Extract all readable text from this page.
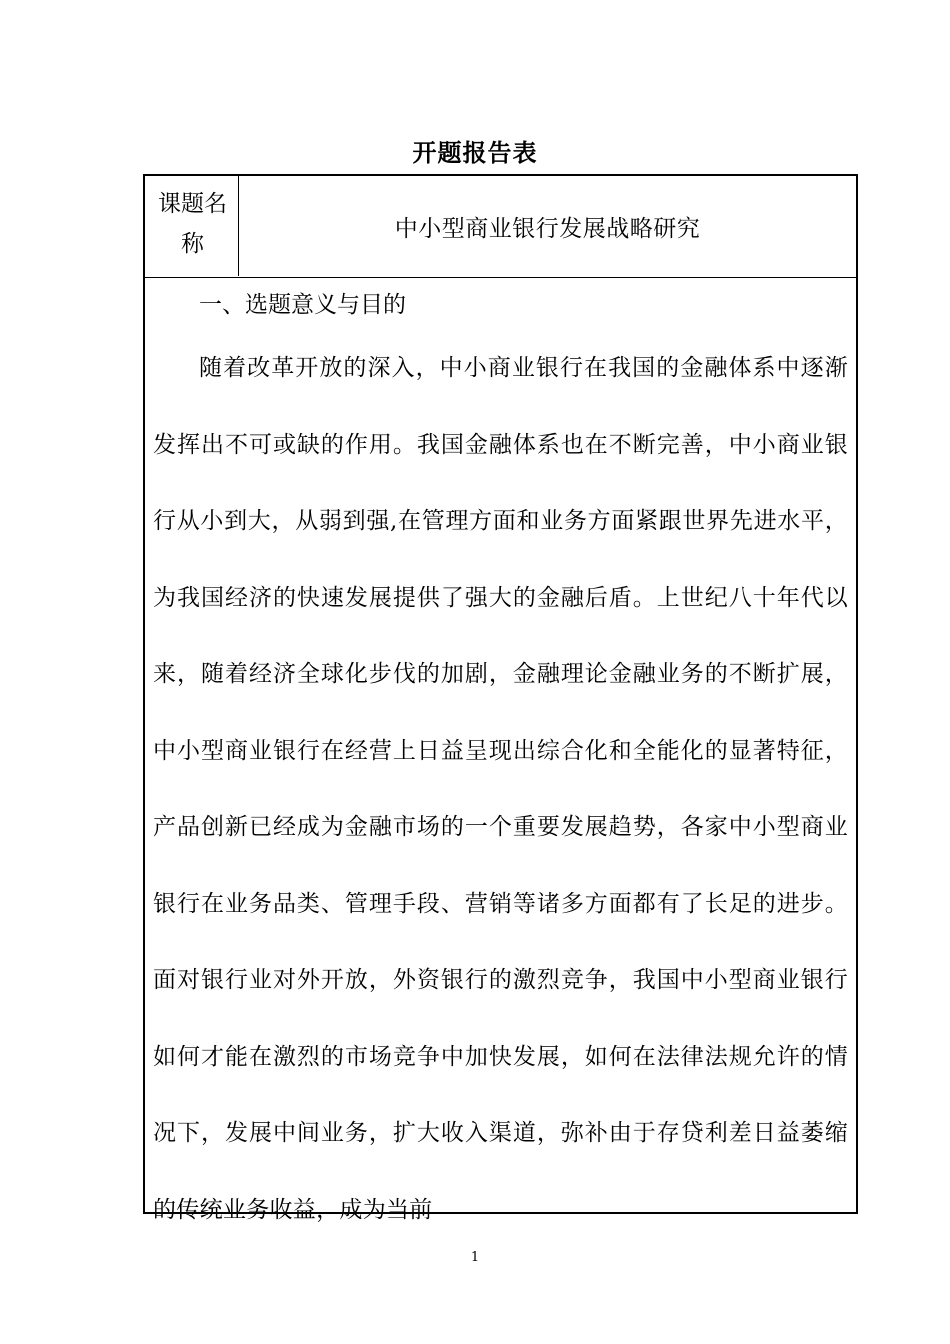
开题报告表
课题名称
中小型商业银行发展战略研究
一、选题意义与目的
随着改革开放的深入，中小商业银行在我国的金融体系中逐渐发挥出不可或缺的作用。我国金融体系也在不断完善，中小商业银行从小到大，从弱到强,在管理方面和业务方面紧跟世界先进水平，为我国经济的快速发展提供了强大的金融后盾。上世纪八十年代以来，随着经济全球化步伐的加剧，金融理论金融业务的不断扩展，中小型商业银行在经营上日益呈现出综合化和全能化的显著特征，产品创新已经成为金融市场的一个重要发展趋势，各家中小型商业银行在业务品类、管理手段、营销等诸多方面都有了长足的进步。面对银行业对外开放，外资银行的激烈竞争，我国中小型商业银行如何才能在激烈的市场竞争中加快发展，如何在法律法规允许的情况下，发展中间业务，扩大收入渠道，弥补由于存贷利差日益萎缩的传统业务收益，成为当前
1
